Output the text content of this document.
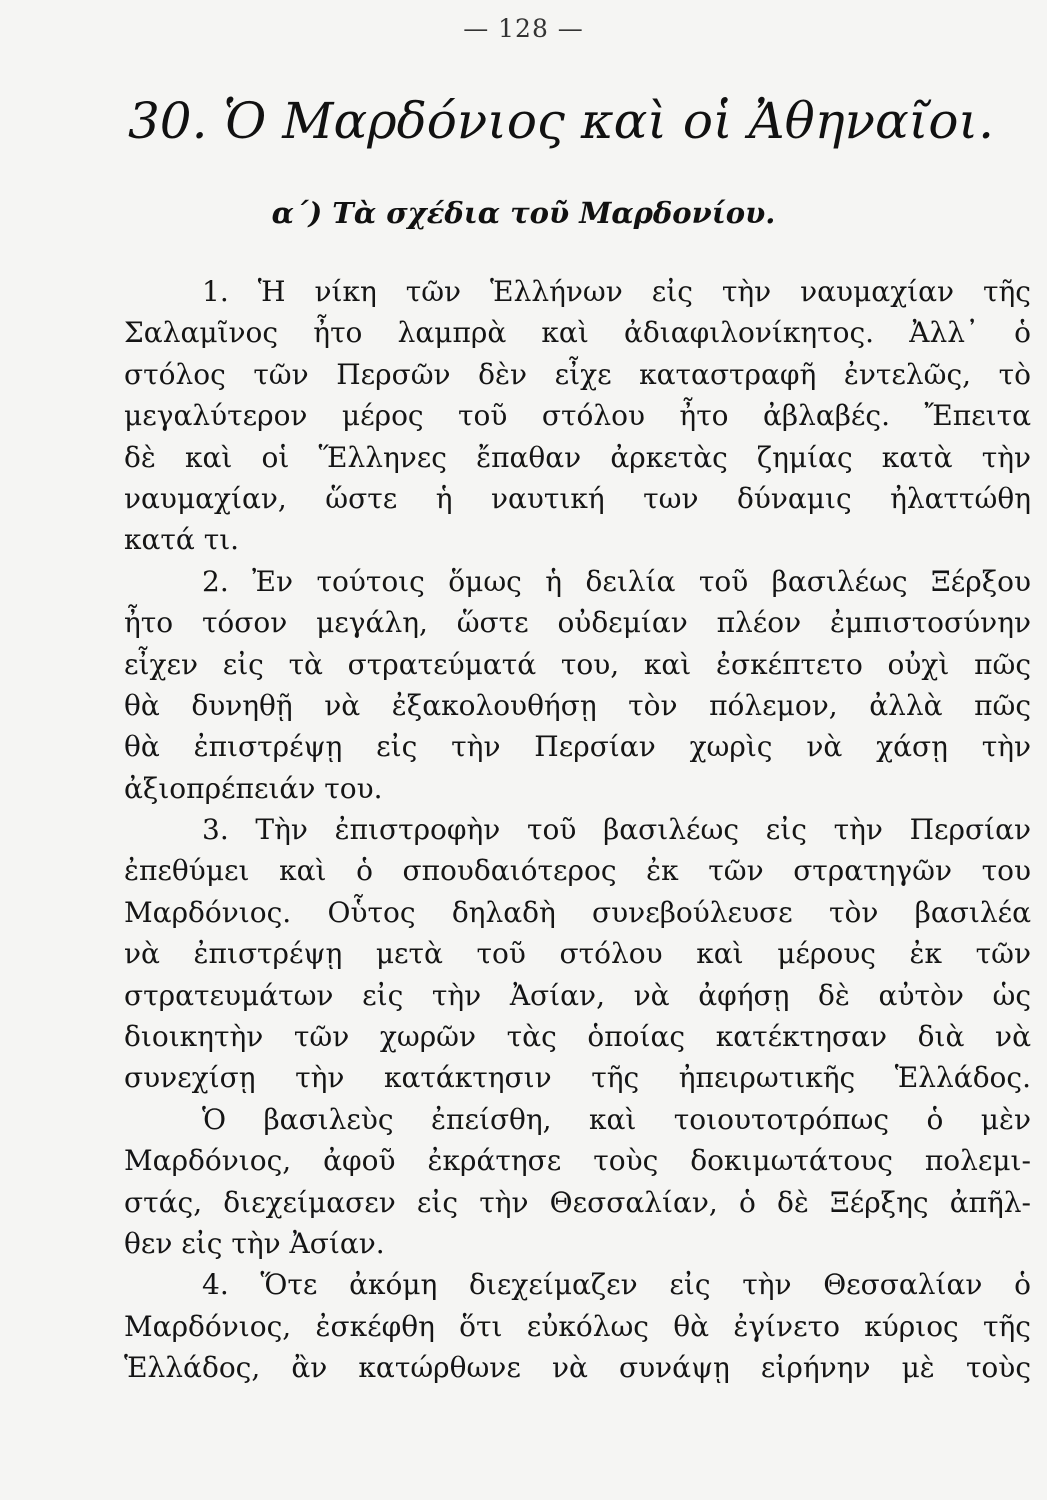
— 128 —
30. Ὁ Μαρδόνιος καὶ οἱ Ἀθηναῖοι.
α΄) Τὰ σχέδια τοῦ Μαρδονίου.
1. Ἡ νίκη τῶν Ἑλλήνων εἰς τὴν ναυμαχίαν τῆς
Σαλαμῖνος ἦτο λαμπρὰ καὶ ἀδιαφιλονίκητος. Ἀλλ᾽ ὁ
στόλος τῶν Περσῶν δὲν εἶχε καταστραφῆ ἐντελῶς, τὸ
μεγαλύτερον μέρος τοῦ στόλου ἦτο ἀβλαβές. Ἔπειτα
δὲ καὶ οἱ Ἕλληνες ἔπαθαν ἀρκετὰς ζημίας κατὰ τὴν
ναυμαχίαν, ὥστε ἡ ναυτική των δύναμις ἠλαττώθη
κατά τι.
2. Ἐν τούτοις ὅμως ἡ δειλία τοῦ βασιλέως Ξέρξου
ἦτο τόσον μεγάλη, ὥστε οὐδεμίαν πλέον ἐμπιστοσύνην
εἶχεν εἰς τὰ στρατεύματά του, καὶ ἐσκέπτετο οὐχὶ πῶς
θὰ δυνηθῇ νὰ ἐξακολουθήσῃ τὸν πόλεμον, ἀλλὰ πῶς
θὰ ἐπιστρέψῃ εἰς τὴν Περσίαν χωρὶς νὰ χάσῃ τὴν
ἀξιοπρέπειάν του.
3. Τὴν ἐπιστροφὴν τοῦ βασιλέως εἰς τὴν Περσίαν
ἐπεθύμει καὶ ὁ σπουδαιότερος ἐκ τῶν στρατηγῶν του
Μαρδόνιος. Οὗτος δηλαδὴ συνεβούλευσε τὸν βασιλέα
νὰ ἐπιστρέψῃ μετὰ τοῦ στόλου καὶ μέρους ἐκ τῶν
στρατευμάτων εἰς τὴν Ἀσίαν, νὰ ἀφήσῃ δὲ αὐτὸν ὡς
διοικητὴν τῶν χωρῶν τὰς ὁποίας κατέκτησαν διὰ νὰ
συνεχίσῃ τὴν κατάκτησιν τῆς ἠπειρωτικῆς Ἑλλάδος.
Ὁ βασιλεὺς ἐπείσθη, καὶ τοιουτοτρόπως ὁ μὲν
Μαρδόνιος, ἀφοῦ ἐκράτησε τοὺς δοκιμωτάτους πολεμι-
στάς, διεχείμασεν εἰς τὴν Θεσσαλίαν, ὁ δὲ Ξέρξης ἀπῆλ-
θεν εἰς τὴν Ἀσίαν.
4. Ὅτε ἀκόμη διεχείμαζεν εἰς τὴν Θεσσαλίαν ὁ
Μαρδόνιος, ἐσκέφθη ὅτι εὐκόλως θὰ ἐγίνετο κύριος τῆς
Ἑλλάδος, ἂν κατώρθωνε νὰ συνάψῃ εἰρήνην μὲ τοὺς
